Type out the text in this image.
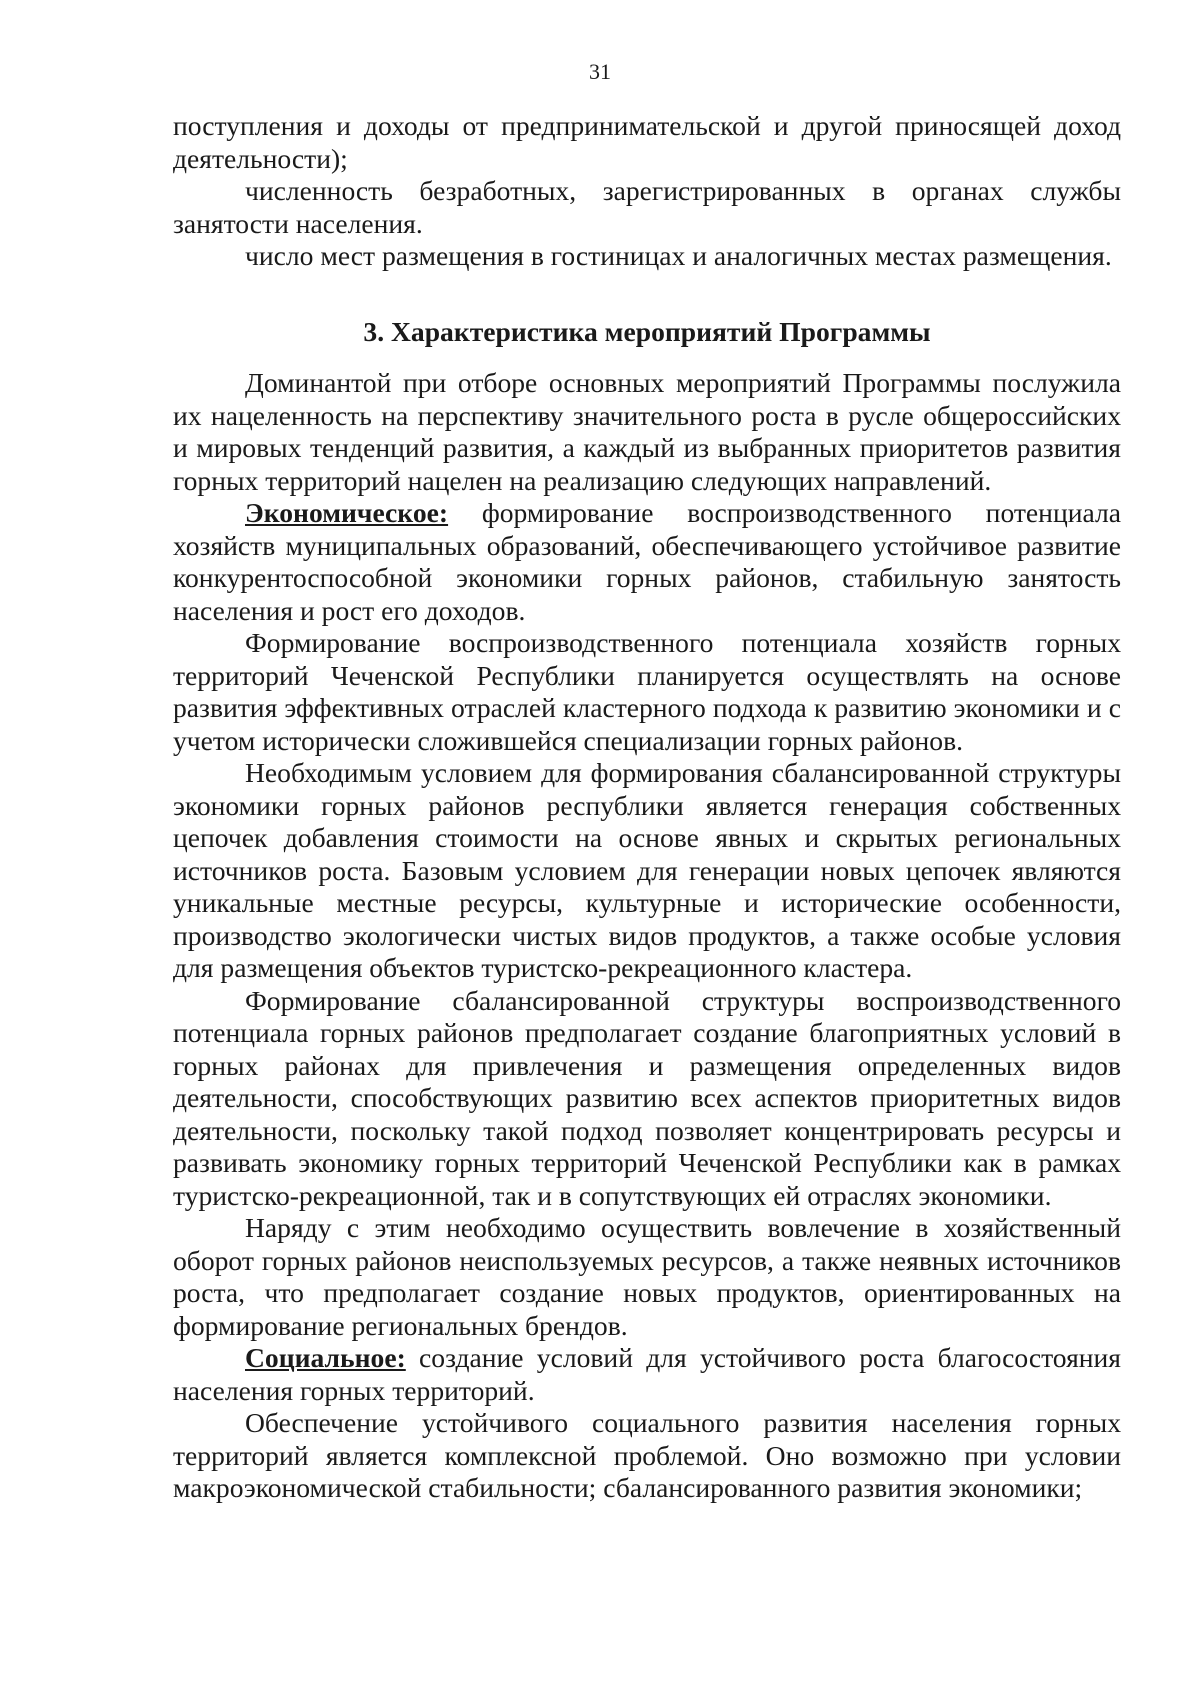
31

поступления и доходы от предпринимательской и другой приносящей доход деятельности);

численность безработных, зарегистрированных в органах службы занятости населения.

число мест размещения в гостиницах и аналогичных местах размещения.

3. Характеристика мероприятий Программы

Доминантой при отборе основных мероприятий Программы послужила их нацеленность на перспективу значительного роста в русле общероссийских и мировых тенденций развития, а каждый из выбранных приоритетов развития горных территорий нацелен на реализацию следующих направлений.

Экономическое: формирование воспроизводственного потенциала хозяйств муниципальных образований, обеспечивающего устойчивое развитие конкурентоспособной экономики горных районов, стабильную занятость населения и рост его доходов.

Формирование воспроизводственного потенциала хозяйств горных территорий Чеченской Республики планируется осуществлять на основе развития эффективных отраслей кластерного подхода к развитию экономики и с учетом исторически сложившейся специализации горных районов.

Необходимым условием для формирования сбалансированной структуры экономики горных районов республики является генерация собственных цепочек добавления стоимости на основе явных и скрытых региональных источников роста. Базовым условием для генерации новых цепочек являются уникальные местные ресурсы, культурные и исторические особенности, производство экологически чистых видов продуктов, а также особые условия для размещения объектов туристско-рекреационного кластера.

Формирование сбалансированной структуры воспроизводственного потенциала горных районов предполагает создание благоприятных условий в горных районах для привлечения и размещения определенных видов деятельности, способствующих развитию всех аспектов приоритетных видов деятельности, поскольку такой подход позволяет концентрировать ресурсы и развивать экономику горных территорий Чеченской Республики как в рамках туристско-рекреационной, так и в сопутствующих ей отраслях экономики.

Наряду с этим необходимо осуществить вовлечение в хозяйственный оборот горных районов неиспользуемых ресурсов, а также неявных источников роста, что предполагает создание новых продуктов, ориентированных на формирование региональных брендов.

Социальное: создание условий для устойчивого роста благосостояния населения горных территорий.

Обеспечение устойчивого социального развития населения горных территорий является комплексной проблемой. Оно возможно при условии макроэкономической стабильности; сбалансированного развития экономики;
